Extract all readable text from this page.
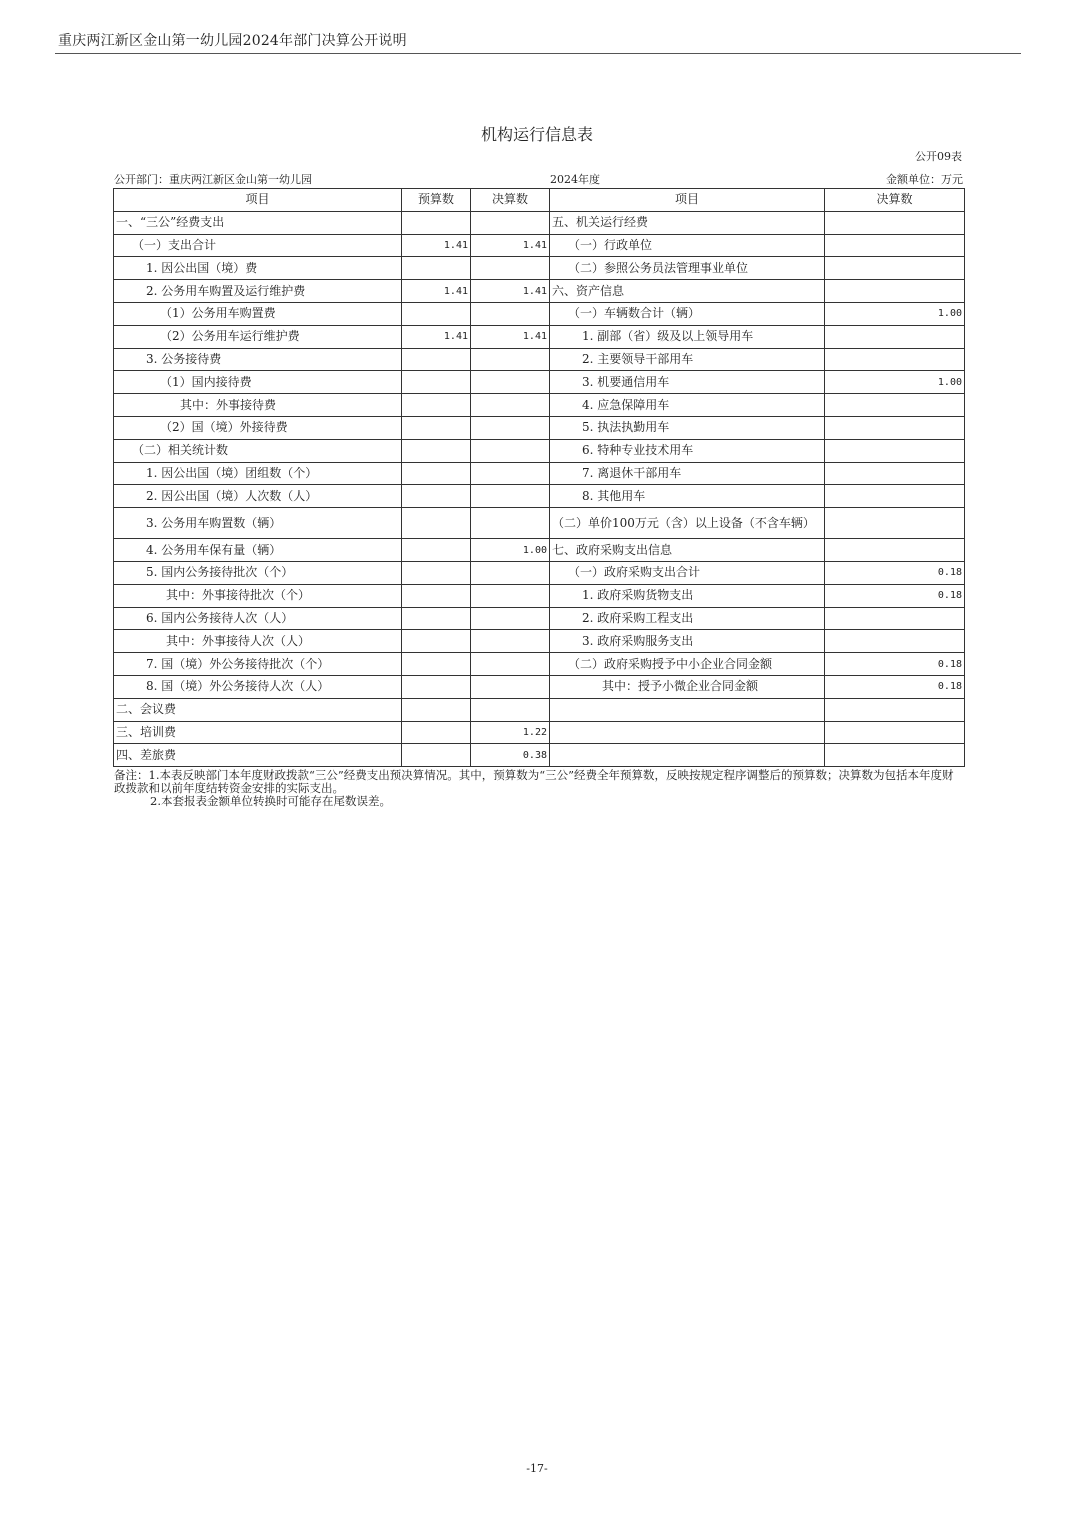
重庆两江新区金山第一幼儿园2024年部门决算公开说明
机构运行信息表
公开09表
公开部门：重庆两江新区金山第一幼儿园	2024年度	金额单位：万元
项目	预算数	决算数	项目	决算数
一、“三公”经费支出			五、机关运行经费	
（一）支出合计	1.41	1.41	（一）行政单位	
1. 因公出国（境）费			（二）参照公务员法管理事业单位	
2. 公务用车购置及运行维护费	1.41	1.41	六、资产信息	
（1）公务用车购置费			（一）车辆数合计（辆）	1.00
（2）公务用车运行维护费	1.41	1.41	1. 副部（省）级及以上领导用车	
3. 公务接待费			2. 主要领导干部用车	
（1）国内接待费			3. 机要通信用车	1.00
其中：外事接待费			4. 应急保障用车	
（2）国（境）外接待费			5. 执法执勤用车	
（二）相关统计数			6. 特种专业技术用车	
1. 因公出国（境）团组数（个）			7. 离退休干部用车	
2. 因公出国（境）人次数（人）			8. 其他用车	
3. 公务用车购置数（辆）			（二）单价100万元（含）以上设备（不含车辆）	
4. 公务用车保有量（辆）		1.00	七、政府采购支出信息	
5. 国内公务接待批次（个）			（一）政府采购支出合计	0.18
其中：外事接待批次（个）			1. 政府采购货物支出	0.18
6. 国内公务接待人次（人）			2. 政府采购工程支出	
其中：外事接待人次（人）			3. 政府采购服务支出	
7. 国（境）外公务接待批次（个）			（二）政府采购授予中小企业合同金额	0.18
8. 国（境）外公务接待人次（人）			其中：授予小微企业合同金额	0.18
二、会议费				
三、培训费		1.22		
四、差旅费		0.38		

备注：1.本表反映部门本年度财政拨款“三公”经费支出预决算情况。其中，预算数为“三公”经费全年预算数，反映按规定程序调整后的预算数；决算数为包括本年度财政拨款和以前年度结转资金安排的实际支出。

2.本套报表金额单位转换时可能存在尾数误差。

-17-
